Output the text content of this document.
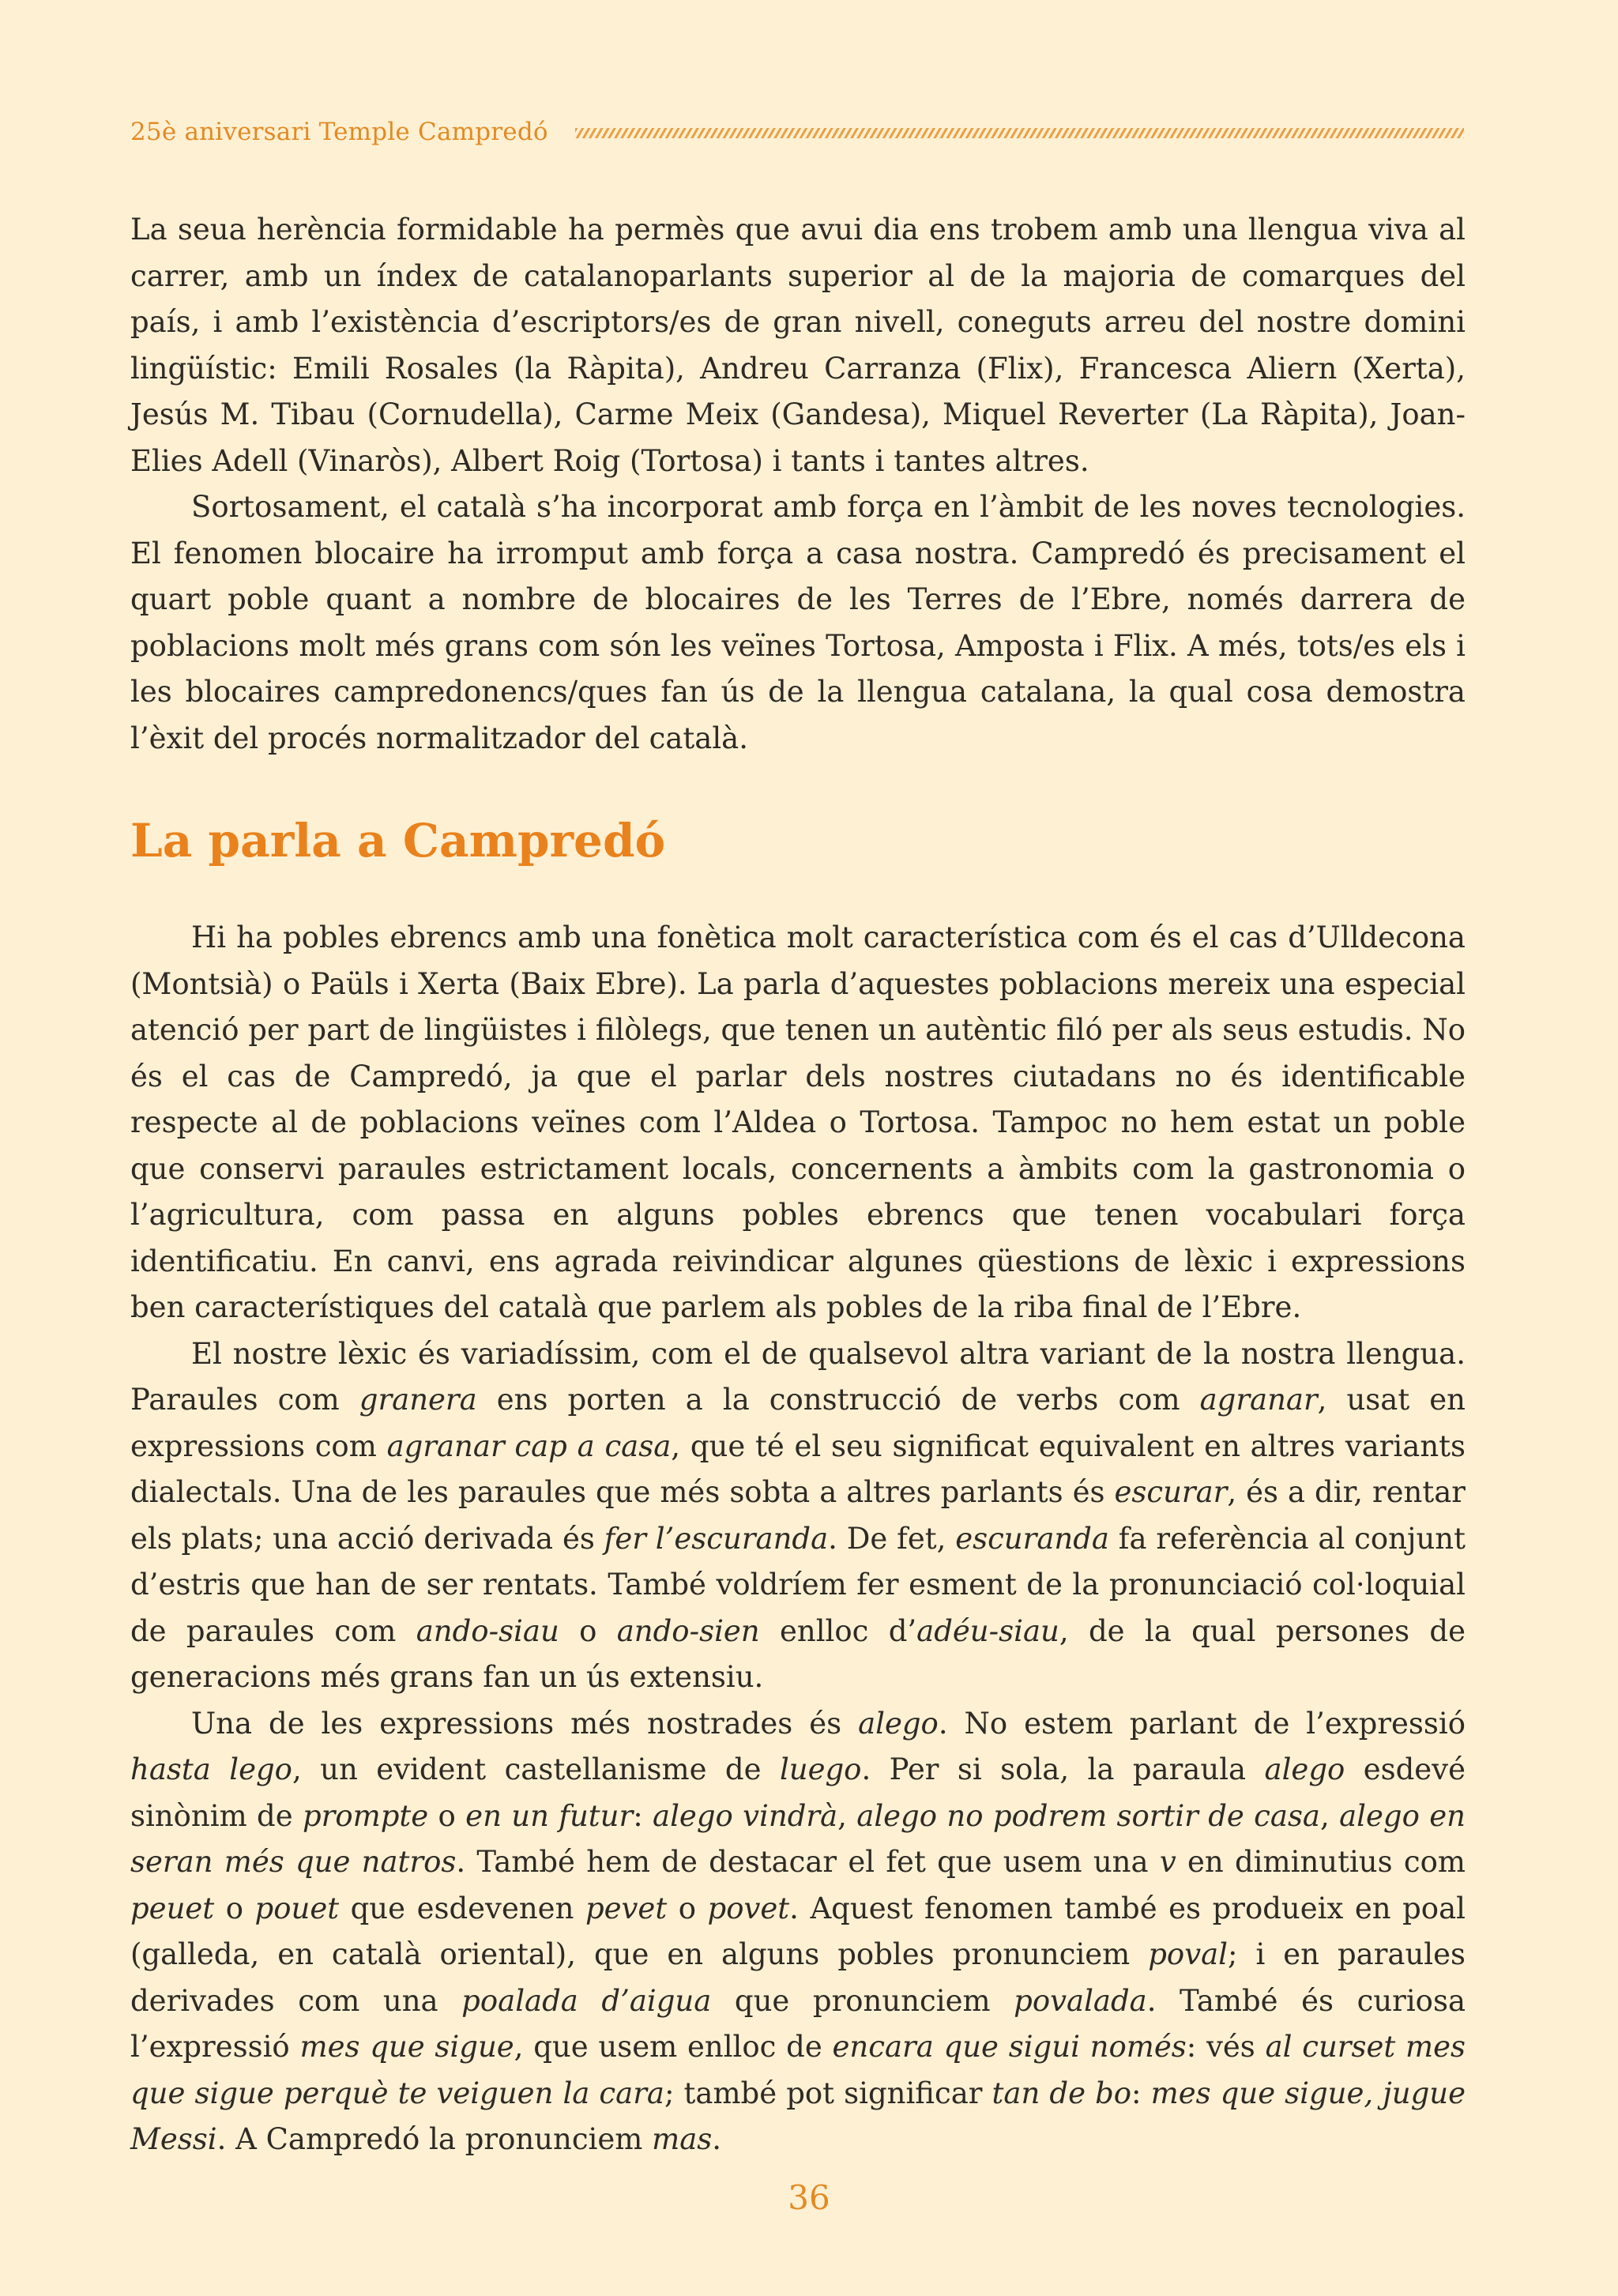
25è aniversari Temple Campredó

La seua herència formidable ha permès que avui dia ens trobem amb una llengua viva al carrer, amb un índex de catalanoparlants superior al de la majoria de comarques del país, i amb l’existència d’escriptors/es de gran nivell, coneguts arreu del nostre domini lingüístic: Emili Rosales (la Ràpita), Andreu Carranza (Flix), Francesca Aliern (Xerta), Jesús M. Tibau (Cornudella), Carme Meix (Gandesa), Miquel Reverter (La Ràpita), Joan-Elies Adell (Vinaròs), Albert Roig (Tortosa) i tants i tantes altres.

Sortosament, el català s’ha incorporat amb força en l’àmbit de les noves tecnologies. El fenomen blocaire ha irromput amb força a casa nostra. Campredó és precisament el quart poble quant a nombre de blocaires de les Terres de l’Ebre, només darrera de poblacions molt més grans com són les veïnes Tortosa, Amposta i Flix. A més, tots/es els i les blocaires campredonencs/ques fan ús de la llengua catalana, la qual cosa demostra l’èxit del procés normalitzador del català.

La parla a Campredó

Hi ha pobles ebrencs amb una fonètica molt característica com és el cas d’Ulldecona (Montsià) o Paüls i Xerta (Baix Ebre). La parla d’aquestes poblacions mereix una especial atenció per part de lingüistes i filòlegs, que tenen un autèntic filó per als seus estudis. No és el cas de Campredó, ja que el parlar dels nostres ciutadans no és identificable respecte al de poblacions veïnes com l’Aldea o Tortosa. Tampoc no hem estat un poble que conservi paraules estrictament locals, concernents a àmbits com la gastronomia o l’agricultura, com passa en alguns pobles ebrencs que tenen vocabulari força identificatiu. En canvi, ens agrada reivindicar algunes qüestions de lèxic i expressions ben característiques del català que parlem als pobles de la riba final de l’Ebre.

El nostre lèxic és variadíssim, com el de qualsevol altra variant de la nostra llengua. Paraules com granera ens porten a la construcció de verbs com agranar, usat en expressions com agranar cap a casa, que té el seu significat equivalent en altres variants dialectals. Una de les paraules que més sobta a altres parlants és escurar, és a dir, rentar els plats; una acció derivada és fer l’escuranda. De fet, escuranda fa referència al conjunt d’estris que han de ser rentats. També voldríem fer esment de la pronunciació col·loquial de paraules com ando-siau o ando-sien enlloc d’adéu-siau, de la qual persones de generacions més grans fan un ús extensiu.

Una de les expressions més nostrades és alego. No estem parlant de l’expressió hasta lego, un evident castellanisme de luego. Per si sola, la paraula alego esdevé sinònim de prompte o en un futur: alego vindrà, alego no podrem sortir de casa, alego en seran més que natros. També hem de destacar el fet que usem una v en diminutius com peuet o pouet que esdevenen pevet o povet. Aquest fenomen també es produeix en poal (galleda, en català oriental), que en alguns pobles pronunciem poval; i en paraules derivades com una poalada d’aigua que pronunciem povalada. També és curiosa l’expressió mes que sigue, que usem enlloc de encara que sigui només: vés al curset mes que sigue perquè te veiguen la cara; també pot significar tan de bo: mes que sigue, jugue Messi. A Campredó la pronunciem mas.

36
